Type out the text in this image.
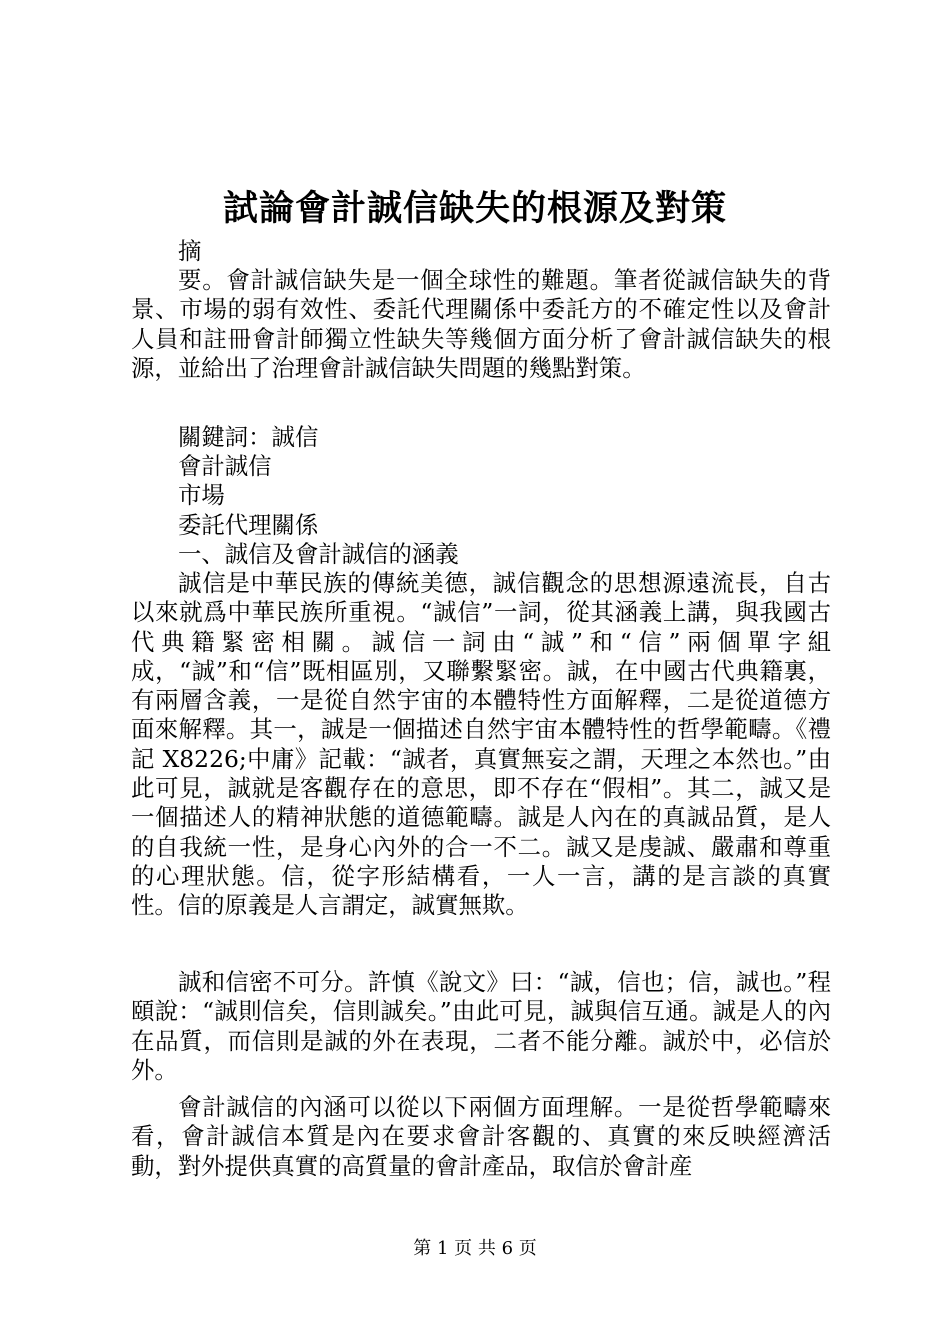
試論會計誠信缺失的根源及對策
摘
要。會計誠信缺失是一個全球性的難題。筆者從誠信缺失的背景、市場的弱有效性、委託代理關係中委託方的不確定性以及會計人員和註冊會計師獨立性缺失等幾個方面分析了會計誠信缺失的根源，並給出了治理會計誠信缺失問題的幾點對策。
關鍵詞：誠信
會計誠信
市場
委託代理關係
一、誠信及會計誠信的涵義
誠信是中華民族的傳統美德，誠信觀念的思想源遠流長，自古以來就爲中華民族所重視。“誠信”一詞，從其涵義上講，與我國古代典籍緊密相關。誠信一詞由“誠”和“信”兩個單字組成，“誠”和“信”既相區別，又聯繫緊密。誠，在中國古代典籍裏，有兩層含義，一是從自然宇宙的本體特性方面解釋，二是從道德方面來解釋。其一，誠是一個描述自然宇宙本體特性的哲學範疇。《禮記 X8226;中庸》記載：“誠者，真實無妄之謂，天理之本然也。”由此可見，誠就是客觀存在的意思，即不存在“假相”。其二，誠又是一個描述人的精神狀態的道德範疇。誠是人內在的真誠品質，是人的自我統一性，是身心內外的合一不二。誠又是虔誠、嚴肅和尊重的心理狀態。信，從字形結構看，一人一言，講的是言談的真實性。信的原義是人言謂定，誠實無欺。
誠和信密不可分。許慎《說文》曰：“誠，信也；信，誠也。”程頤說：“誠則信矣，信則誠矣。”由此可見，誠與信互通。誠是人的內在品質，而信則是誠的外在表現，二者不能分離。誠於中，必信於外。
會計誠信的內涵可以從以下兩個方面理解。一是從哲學範疇來看，會計誠信本質是內在要求會計客觀的、真實的來反映經濟活動，對外提供真實的高質量的會計產品，取信於會計産
第 1 页 共 6 页
